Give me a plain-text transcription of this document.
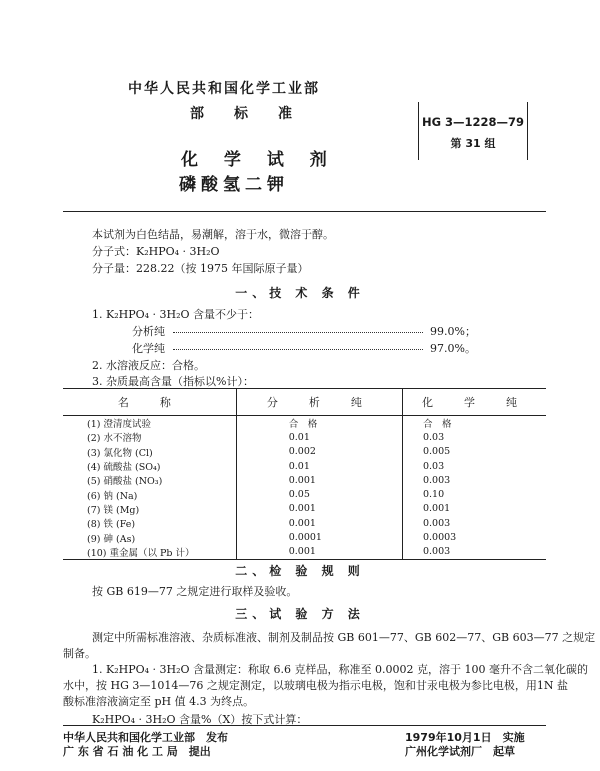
中华人民共和国化学工业部
部　标　准
化 学 试 剂
磷酸氢二钾
HG 3—1228—79
第 31 组
本试剂为白色结晶，易潮解，溶于水，微溶于醇。
分子式：K₂HPO₄ · 3H₂O
分子量：228.22（按 1975 年国际原子量）
一、技 术 条 件
1. K₂HPO₄ · 3H₂O 含量不少于：
分析纯	99.0%；
化学纯	97.0%。
2. 水溶液反应：合格。
3. 杂质最高含量（指标以%计）：
名　称	分　析　纯	化　学　纯
(1) 澄清度试验	合　格	合　格
(2) 水不溶物	0.01	0.03
(3) 氯化物 (Cl)	0.002	0.005
(4) 硫酸盐 (SO₄)	0.01	0.03
(5) 硝酸盐 (NO₃)	0.001	0.003
(6) 钠 (Na)	0.05	0.10
(7) 镁 (Mg)	0.001	0.001
(8) 铁 (Fe)	0.001	0.003
(9) 砷 (As)	0.0001	0.0003
(10) 重金属（以 Pb 计）	0.001	0.003
二、检 验 规 则
按 GB 619—77 之规定进行取样及验收。
三、试 验 方 法
测定中所需标准溶液、杂质标准液、制剂及制品按 GB 601—77、GB 602—77、GB 603—77 之规定
制备。
1. K₂HPO₄ · 3H₂O 含量测定：称取 6.6 克样品，称准至 0.0002 克，溶于 100 毫升不含二氧化碳的
水中，按 HG 3—1014—76 之规定测定，以玻璃电极为指示电极，饱和甘汞电极为参比电极，用1N 盐
酸标准溶液滴定至 pH 值 4.3 为终点。
K₂HPO₄ · 3H₂O 含量%（X）按下式计算：
中华人民共和国化学工业部　发布
广 东 省 石 油 化 工 局　提出
1979年10月1日　实施
广州化学试剂厂　起草
